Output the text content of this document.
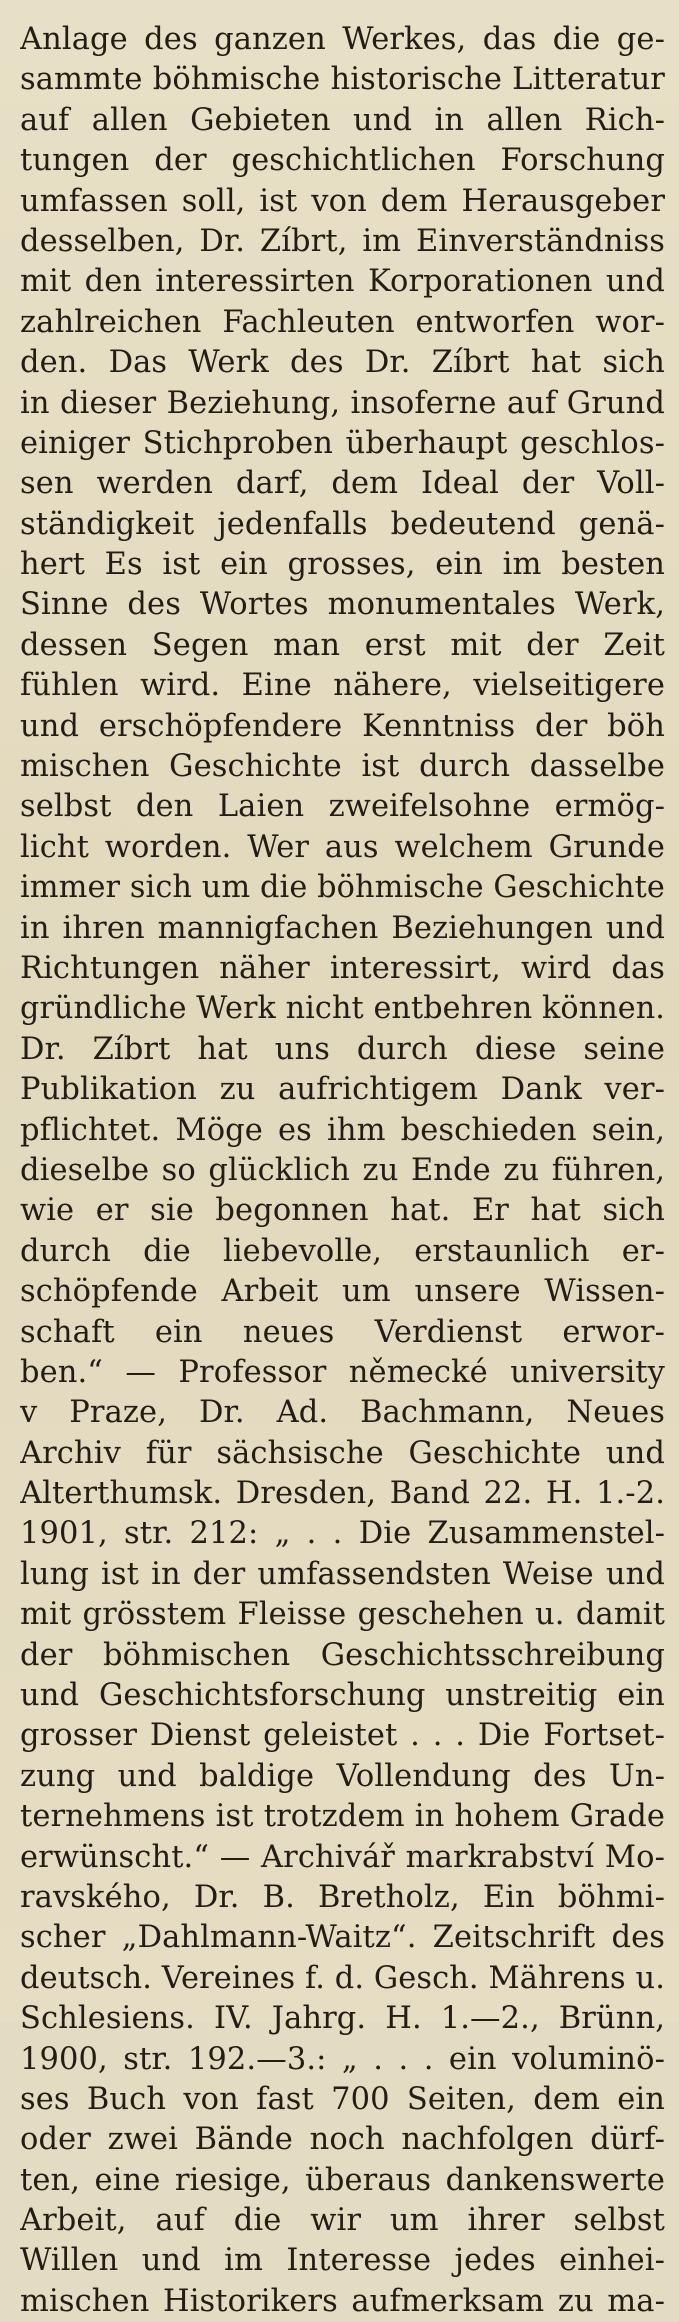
Anlage des ganzen Werkes, das die ge-
sammte böhmische historische Litteratur
auf allen Gebieten und in allen Rich-
tungen der geschichtlichen Forschung
umfassen soll, ist von dem Herausgeber
desselben, Dr. Zíbrt, im Einverständniss
mit den interessirten Korporationen und
zahlreichen Fachleuten entworfen wor-
den. Das Werk des Dr. Zíbrt hat sich
in dieser Beziehung, insoferne auf Grund
einiger Stichproben überhaupt geschlos-
sen werden darf, dem Ideal der Voll-
ständigkeit jedenfalls bedeutend genä-
hert Es ist ein grosses, ein im besten
Sinne des Wortes monumentales Werk,
dessen Segen man erst mit der Zeit
fühlen wird. Eine nähere, vielseitigere
und erschöpfendere Kenntniss der böh
mischen Geschichte ist durch dasselbe
selbst den Laien zweifelsohne ermög-
licht worden. Wer aus welchem Grunde
immer sich um die böhmische Geschichte
in ihren mannigfachen Beziehungen und
Richtungen näher interessirt, wird das
gründliche Werk nicht entbehren können.
Dr. Zíbrt hat uns durch diese seine
Publikation zu aufrichtigem Dank ver-
pflichtet. Möge es ihm beschieden sein,
dieselbe so glücklich zu Ende zu führen,
wie er sie begonnen hat. Er hat sich
durch die liebevolle, erstaunlich er-
schöpfende Arbeit um unsere Wissen-
schaft ein neues Verdienst erwor-
ben.“ — Professor německé university
v Praze, Dr. Ad. Bachmann, Neues
Archiv für sächsische Geschichte und
Alterthumsk. Dresden, Band 22. H. 1.-2.
1901, str. 212: „ . . Die Zusammenstel-
lung ist in der umfassendsten Weise und
mit grösstem Fleisse geschehen u. damit
der böhmischen Geschichtsschreibung
und Geschichtsforschung unstreitig ein
grosser Dienst geleistet . . . Die Fortset-
zung und baldige Vollendung des Un-
ternehmens ist trotzdem in hohem Grade
erwünscht.“ — Archivář markrabství Mo-
ravského, Dr. B. Bretholz, Ein böhmi-
scher „Dahlmann-Waitz“. Zeitschrift des
deutsch. Vereines f. d. Gesch. Mährens u.
Schlesiens. IV. Jahrg. H. 1.—2., Brünn,
1900, str. 192.—3.: „ . . . ein voluminö-
ses Buch von fast 700 Seiten, dem ein
oder zwei Bände noch nachfolgen dürf-
ten, eine riesige, überaus dankenswerte
Arbeit, auf die wir um ihrer selbst
Willen und im Interesse jedes einhei-
mischen Historikers aufmerksam zu ma-
